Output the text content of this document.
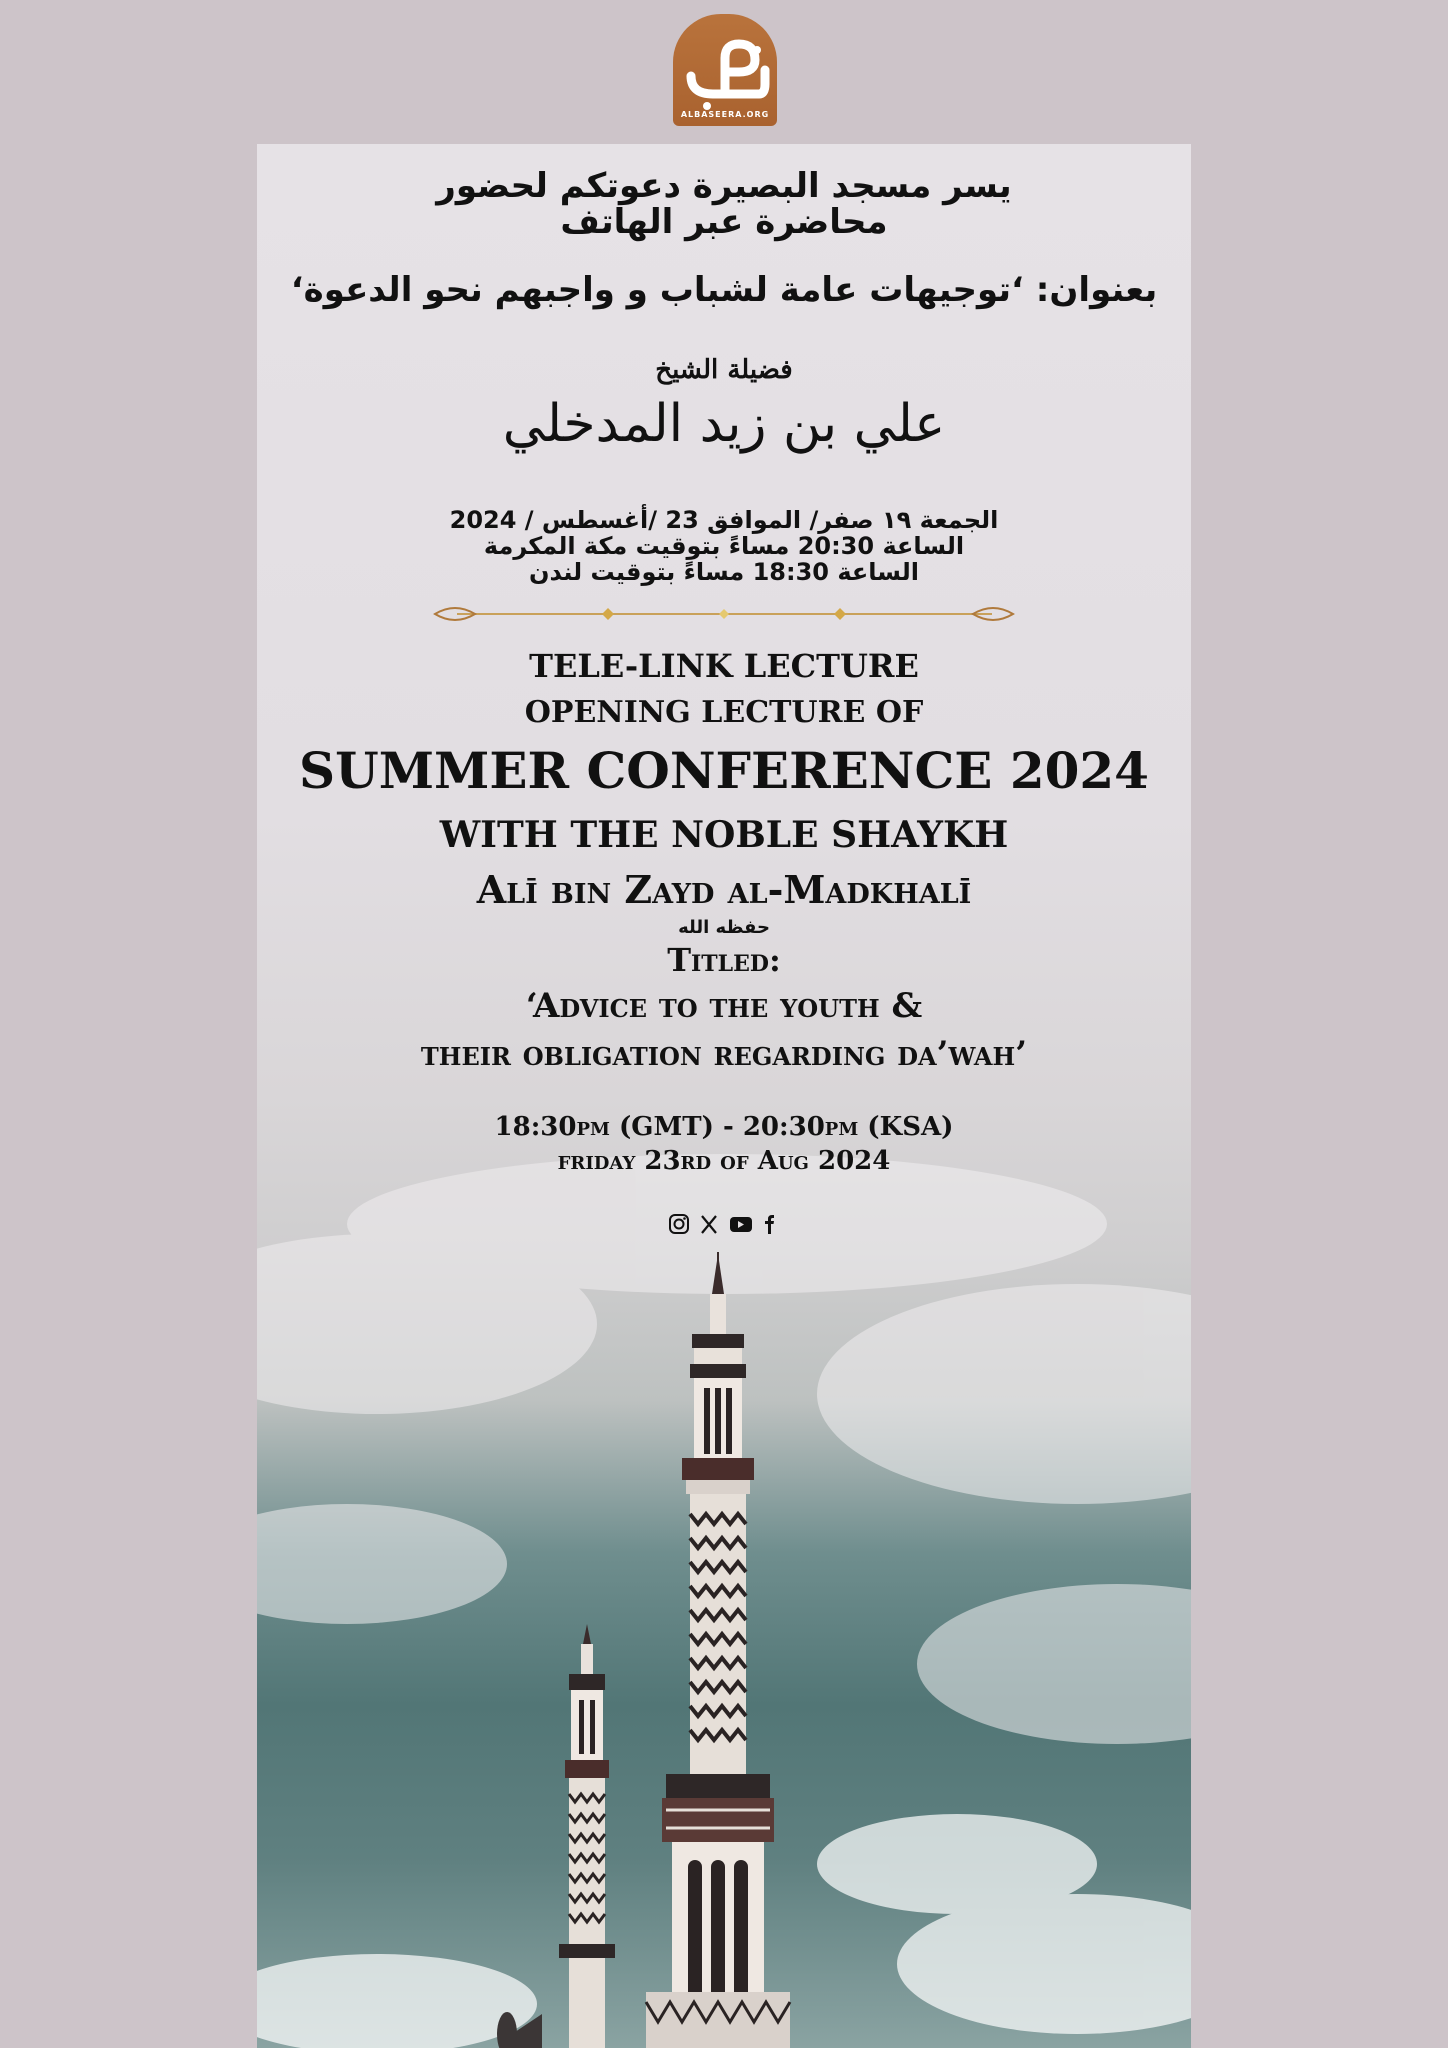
ALBASEERA.ORG
يسر مسجد البصيرة دعوتكم لحضور
محاضرة عبر الهاتف
بعنوان: ‘توجيهات عامة لشباب و واجبهم نحو الدعوة‘
فضيلة الشيخ
علي بن زيد المدخلي
الجمعة ١٩ صفر/ الموافق 23 /أغسطس / 2024
الساعة 20:30 مساءً بتوقيت مكة المكرمة
الساعة 18:30 مساءً بتوقيت لندن
TELE-LINK LECTURE
OPENING LECTURE OF
SUMMER CONFERENCE 2024
WITH THE NOBLE SHAYKH
Alī bin Zayd al-Madkhalī
حفظه الله
Titled:
‘Advice to the youth &
their obligation regarding da’wah’
18:30pm (GMT) - 20:30pm (KSA)
friday 23rd of Aug 2024
